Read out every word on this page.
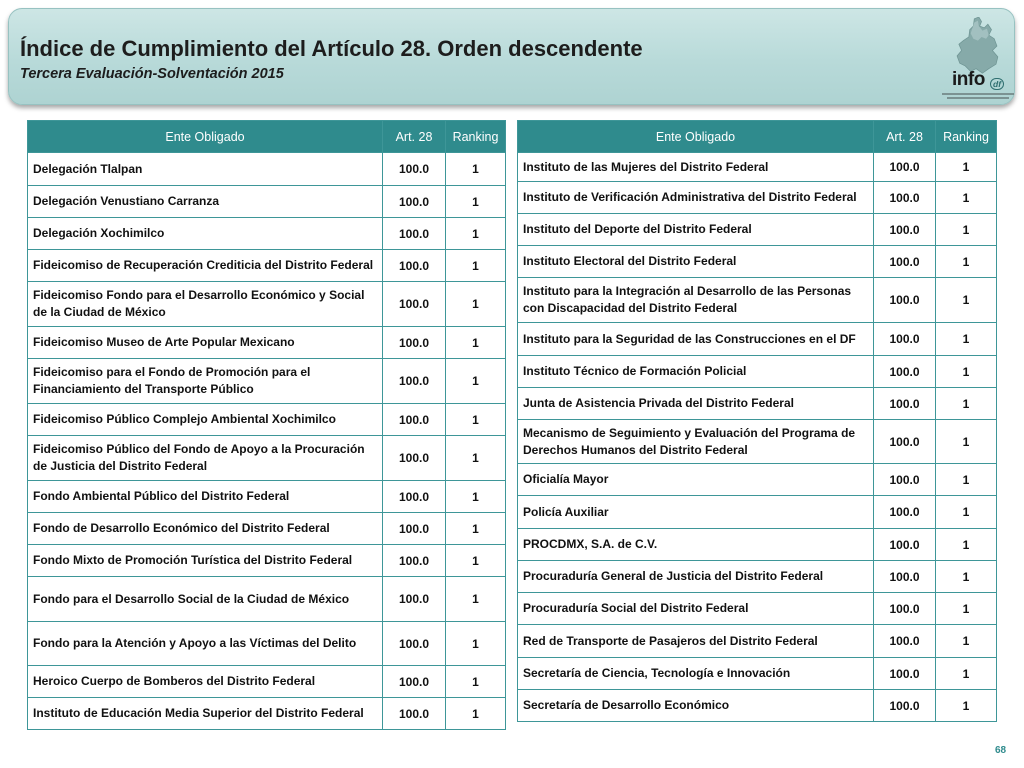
Índice de Cumplimiento del Artículo 28. Orden descendente
Tercera Evaluación-Solventación 2015	info df
Ente Obligado	Art. 28	Ranking
Delegación Tlalpan	100.0	1
Delegación Venustiano Carranza	100.0	1
Delegación Xochimilco	100.0	1
Fideicomiso de Recuperación Crediticia del Distrito Federal	100.0	1
Fideicomiso Fondo para el Desarrollo Económico y Social de la Ciudad de México	100.0	1
Fideicomiso Museo de Arte Popular Mexicano	100.0	1
Fideicomiso para el Fondo de Promoción para el Financiamiento del Transporte Público	100.0	1
Fideicomiso Público Complejo Ambiental Xochimilco	100.0	1
Fideicomiso Público del Fondo de Apoyo a la Procuración de Justicia del Distrito Federal	100.0	1
Fondo Ambiental Público del Distrito Federal	100.0	1
Fondo de Desarrollo Económico del Distrito Federal	100.0	1
Fondo Mixto de Promoción Turística del Distrito Federal	100.0	1
Fondo para el Desarrollo Social de la Ciudad de México	100.0	1
Fondo para la Atención y Apoyo a las Víctimas del Delito	100.0	1
Heroico Cuerpo de Bomberos del Distrito Federal	100.0	1
Instituto de Educación Media Superior del Distrito Federal	100.0	1
Ente Obligado	Art. 28	Ranking
Instituto de las Mujeres del Distrito Federal	100.0	1
Instituto de Verificación Administrativa del Distrito Federal	100.0	1
Instituto del Deporte del Distrito Federal	100.0	1
Instituto Electoral del Distrito Federal	100.0	1
Instituto para la Integración al Desarrollo de las Personas con Discapacidad del Distrito Federal	100.0	1
Instituto para la Seguridad de las Construcciones en el DF	100.0	1
Instituto Técnico de Formación Policial	100.0	1
Junta de Asistencia Privada del Distrito Federal	100.0	1
Mecanismo de Seguimiento y Evaluación del Programa de Derechos Humanos del Distrito Federal	100.0	1
Oficialía Mayor	100.0	1
Policía Auxiliar	100.0	1
PROCDMX, S.A. de C.V.	100.0	1
Procuraduría General de Justicia del Distrito Federal	100.0	1
Procuraduría Social del Distrito Federal	100.0	1
Red de Transporte de Pasajeros del Distrito Federal	100.0	1
Secretaría de Ciencia, Tecnología e Innovación	100.0	1
Secretaría de Desarrollo Económico	100.0	1
68
